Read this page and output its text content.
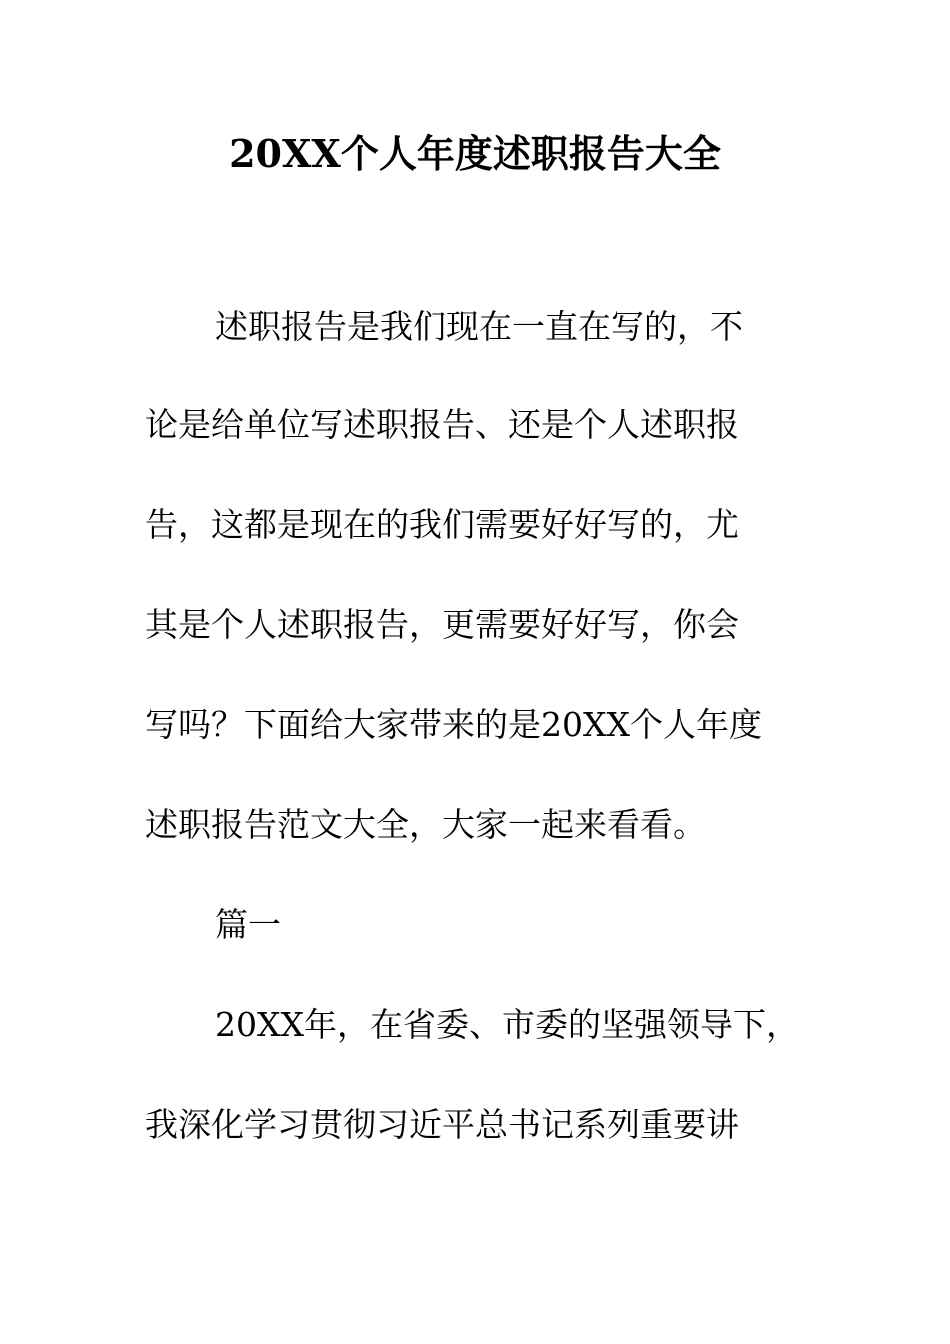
20XX个人年度述职报告大全
述职报告是我们现在一直在写的，不
论是给单位写述职报告、还是个人述职报
告，这都是现在的我们需要好好写的，尤
其是个人述职报告，更需要好好写，你会
写吗？下面给大家带来的是20XX个人年度
述职报告范文大全，大家一起来看看。
篇一
20XX年，在省委、市委的坚强领导下，
我深化学习贯彻习近平总书记系列重要讲
